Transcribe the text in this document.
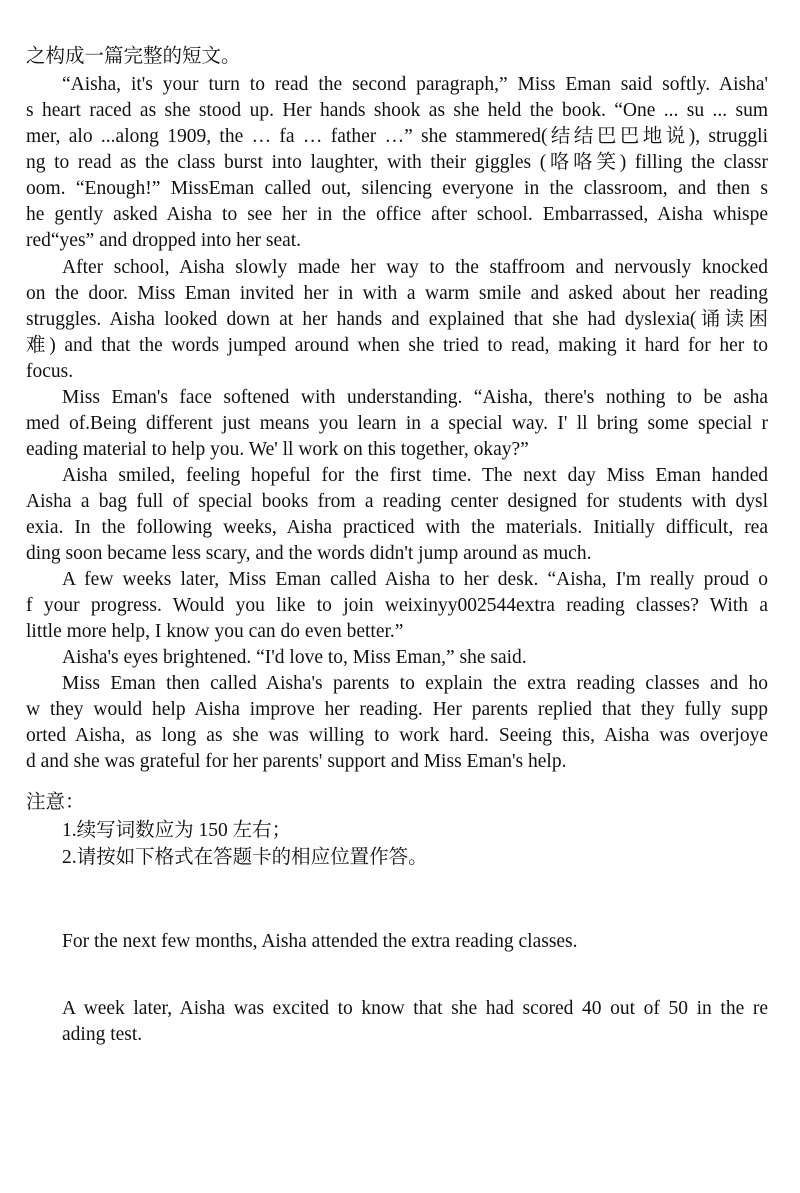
之构成一篇完整的短文。
“Aisha, it's your turn to read the second paragraph,” Miss Eman said softly. Aisha'
s heart raced as she stood up. Her hands shook as she held the book. “One ... su ... sum
mer, alo ...along 1909, the … fa … father …” she stammered(结结巴巴地说), struggli
ng to read as the class burst into laughter, with their giggles (咯咯笑) filling the classr
oom. “Enough!” MissEman called out, silencing everyone in the classroom, and then s
he gently asked Aisha to see her in the office after school. Embarrassed, Aisha whispe
red“yes” and dropped into her seat.
After school, Aisha slowly made her way to the staffroom and nervously knocked
on the door. Miss Eman invited her in with a warm smile and asked about her reading
struggles. Aisha looked down at her hands and explained that she had dyslexia(诵读困
难) and that the words jumped around when she tried to read, making it hard for her to
focus.
Miss Eman's face softened with understanding. “Aisha, there's nothing to be asha
med of.Being different just means you learn in a special way. I' ll bring some special r
eading material to help you. We' ll work on this together, okay?”
Aisha smiled, feeling hopeful for the first time. The next day Miss Eman handed
Aisha a bag full of special books from a reading center designed for students with dysl
exia. In the following weeks, Aisha practiced with the materials. Initially difficult, rea
ding soon became less scary, and the words didn't jump around as much.
A few weeks later, Miss Eman called Aisha to her desk. “Aisha, I'm really proud o
f your progress. Would you like to join weixinyy002544extra reading classes? With a
little more help, I know you can do even better.”
Aisha's eyes brightened. “I'd love to, Miss Eman,” she said.
Miss Eman then called Aisha's parents to explain the extra reading classes and ho
w they would help Aisha improve her reading. Her parents replied that they fully supp
orted Aisha, as long as she was willing to work hard. Seeing this, Aisha was overjoye
d and she was grateful for her parents' support and Miss Eman's help.
注意：
1.续写词数应为 150 左右；
2.请按如下格式在答题卡的相应位置作答。
For the next few months, Aisha attended the extra reading classes.
A week later, Aisha was excited to know that she had scored 40 out of 50 in the re
ading test.
